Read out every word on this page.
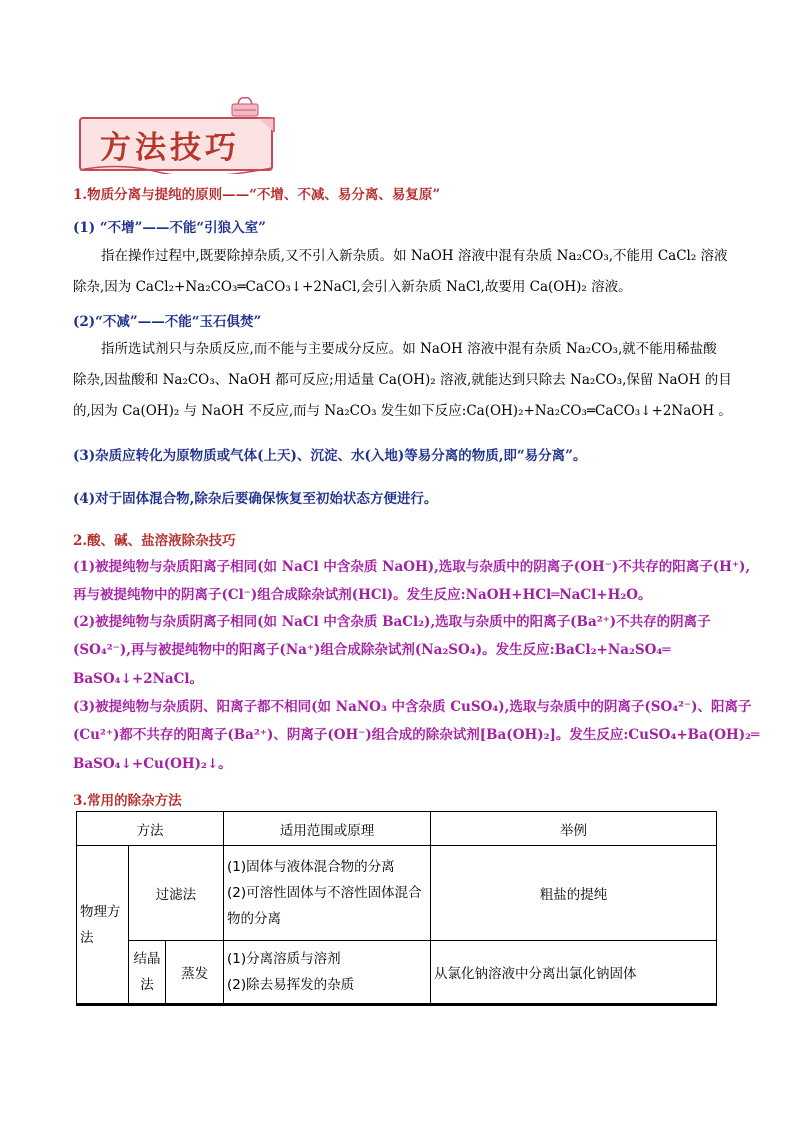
方法技巧
1.物质分离与提纯的原则——“不增、不减、易分离、易复原”
(1) “不增”——不能“引狼入室”
指在操作过程中,既要除掉杂质,又不引入新杂质。如 NaOH 溶液中混有杂质 Na₂CO₃,不能用 CaCl₂ 溶液
除杂,因为 CaCl₂+Na₂CO₃═CaCO₃↓+2NaCl,会引入新杂质 NaCl,故要用 Ca(OH)₂ 溶液。
(2)“不减”——不能“玉石俱焚”
指所选试剂只与杂质反应,而不能与主要成分反应。如 NaOH 溶液中混有杂质 Na₂CO₃,就不能用稀盐酸
除杂,因盐酸和 Na₂CO₃、NaOH 都可反应;用适量 Ca(OH)₂ 溶液,就能达到只除去 Na₂CO₃,保留 NaOH 的目
的,因为 Ca(OH)₂ 与 NaOH 不反应,而与 Na₂CO₃ 发生如下反应:Ca(OH)₂+Na₂CO₃═CaCO₃↓+2NaOH 。
(3)杂质应转化为原物质或气体(上天)、沉淀、水(入地)等易分离的物质,即“易分离”。
(4)对于固体混合物,除杂后要确保恢复至初始状态方便进行。
2.酸、碱、盐溶液除杂技巧
(1)被提纯物与杂质阳离子相同(如 NaCl 中含杂质 NaOH),选取与杂质中的阴离子(OH⁻)不共存的阳离子(H⁺),
再与被提纯物中的阴离子(Cl⁻)组合成除杂试剂(HCl)。发生反应:NaOH+HCl═NaCl+H₂O。
(2)被提纯物与杂质阴离子相同(如 NaCl 中含杂质 BaCl₂),选取与杂质中的阳离子(Ba²⁺)不共存的阴离子
(SO₄²⁻),再与被提纯物中的阳离子(Na⁺)组合成除杂试剂(Na₂SO₄)。发生反应:BaCl₂+Na₂SO₄═
BaSO₄↓+2NaCl。
(3)被提纯物与杂质阴、阳离子都不相同(如 NaNO₃ 中含杂质 CuSO₄),选取与杂质中的阴离子(SO₄²⁻)、阳离子
(Cu²⁺)都不共存的阳离子(Ba²⁺)、阴离子(OH⁻)组合成的除杂试剂[Ba(OH)₂]。发生反应:CuSO₄+Ba(OH)₂═
BaSO₄↓+Cu(OH)₂↓。
3.常用的除杂方法
方法			适用范围或原理	举例
物理方法	过滤法		(1)固体与液体混合物的分离
(2)可溶性固体与不溶性固体混合物的分离	粗盐的提纯
	结晶法	蒸发	(1)分离溶质与溶剂
(2)除去易挥发的杂质	从氯化钠溶液中分离出氯化钠固体
